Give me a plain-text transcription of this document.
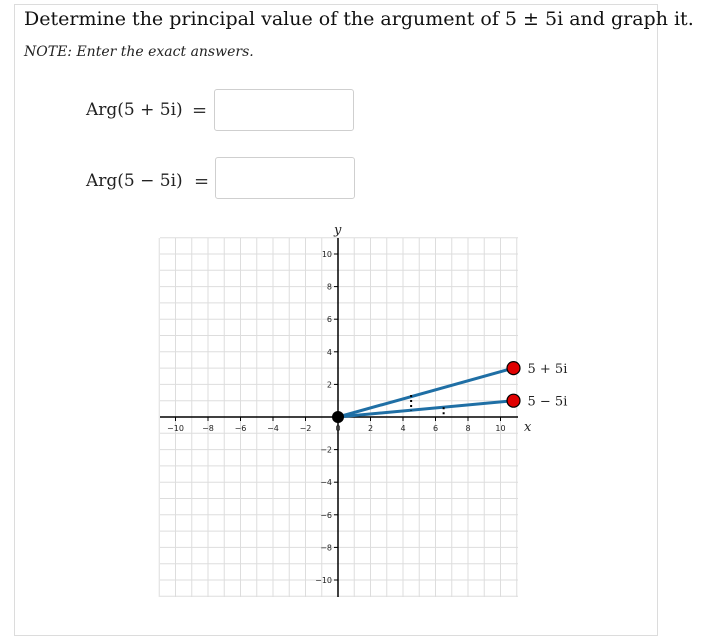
Determine the principal value of the argument of 5 ± 5i and graph it.
NOTE: Enter the exact answers.
Arg(5 + 5i) =
Arg(5 − 5i) =
−10 −8	−6	−4	−2	0	2	4	6	8	10
10
8
6
4
2
−2
−4
−6
−8
−10
5 + 5i
5 − 5i
x
y
